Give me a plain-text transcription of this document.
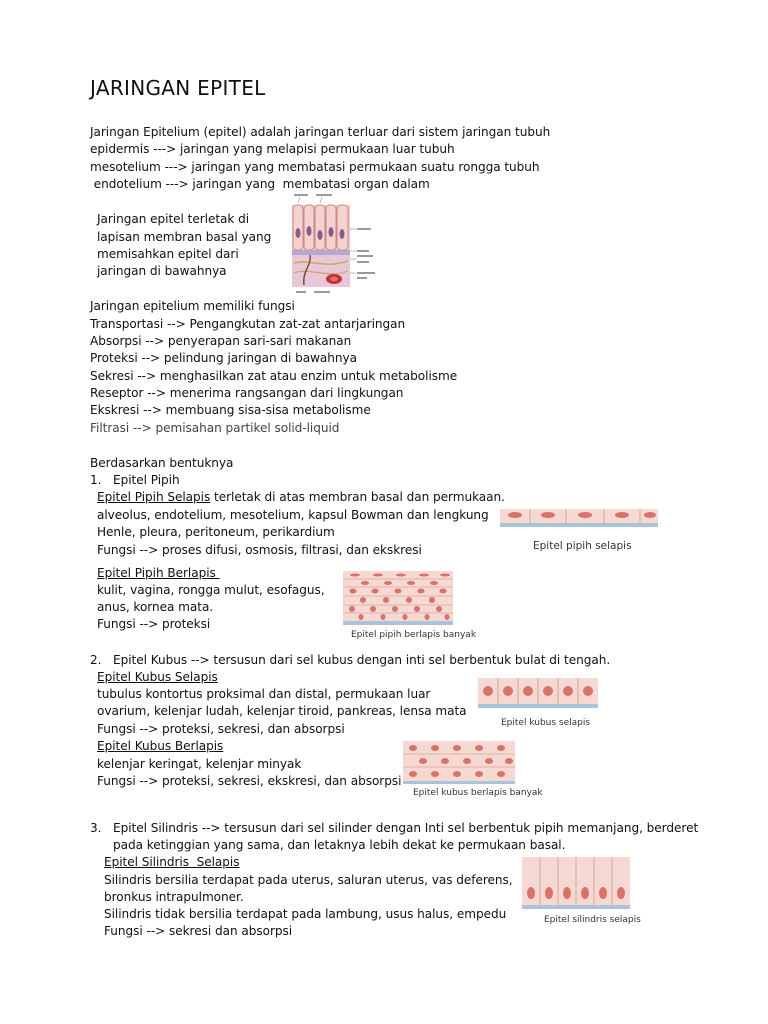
JARINGAN EPITEL
Jaringan Epitelium (epitel) adalah jaringan terluar dari sistem jaringan tubuh
epidermis ---> jaringan yang melapisi permukaan luar tubuh
mesotelium ---> jaringan yang membatasi permukaan suatu rongga tubuh
endotelium ---> jaringan yang  membatasi organ dalam
Jaringan epitel terletak di
lapisan membran basal yang
memisahkan epitel dari
jaringan di bawahnya
Jaringan epitelium memiliki fungsi
Transportasi --> Pengangkutan zat-zat antarjaringan
Absorpsi --> penyerapan sari-sari makanan
Proteksi --> pelindung jaringan di bawahnya
Sekresi --> menghasilkan zat atau enzim untuk metabolisme
Reseptor --> menerima rangsangan dari lingkungan
Ekskresi --> membuang sisa-sisa metabolisme
Filtrasi --> pemisahan partikel solid-liquid
Berdasarkan bentuknya
1. Epitel Pipih
Epitel Pipih Selapis terletak di atas membran basal dan permukaan.
alveolus, endotelium, mesotelium, kapsul Bowman dan lengkung
Henle, pleura, peritoneum, perikardium
Fungsi --> proses difusi, osmosis, filtrasi, dan ekskresi	Epitel pipih selapis
Epitel Pipih Berlapis
kulit, vagina, rongga mulut, esofagus,
anus, kornea mata.
Fungsi --> proteksi
Epitel pipih berlapis banyak
2. Epitel Kubus --> tersusun dari sel kubus dengan inti sel berbentuk bulat di tengah.
Epitel Kubus Selapis
tubulus kontortus proksimal dan distal, permukaan luar
ovarium, kelenjar ludah, kelenjar tiroid, pankreas, lensa mata
Fungsi --> proteksi, sekresi, dan absorpsi	Epitel kubus selapis
Epitel Kubus Berlapis
kelenjar keringat, kelenjar minyak
Fungsi --> proteksi, sekresi, ekskresi, dan absorpsi
Epitel kubus berlapis banyak
3. Epitel Silindris --> tersusun dari sel silinder dengan Inti sel berbentuk pipih memanjang, berderet
pada ketinggian yang sama, dan letaknya lebih dekat ke permukaan basal.
Epitel Silindris  Selapis
Silindris bersilia terdapat pada uterus, saluran uterus, vas deferens,
bronkus intrapulmoner.
Silindris tidak bersilia terdapat pada lambung, usus halus, empedu
Fungsi --> sekresi dan absorpsi
Epitel silindris selapis
